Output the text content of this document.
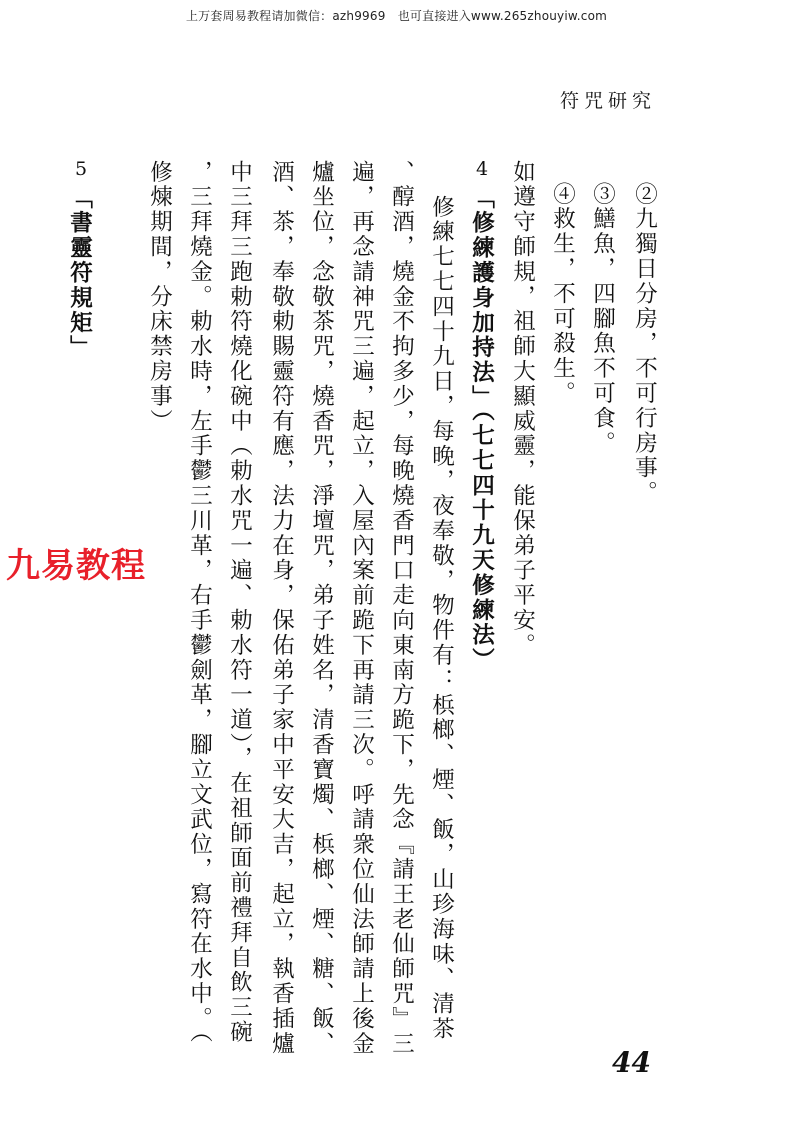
上万套周易教程请加微信：azh9969　也可直接进入www.265zhouyiw.com
符咒研究
②九獨日分房，不可行房事。
③鱔魚，四腳魚不可食。
④救生，不可殺生。
如遵守師規，祖師大顯威靈，能保弟子平安。
4
「修練護身加持法」（七七四十九天修練法）
修練七七四十九日，每晚，夜奉敬，物件有：梹榔、煙、飯，山珍海味、清茶
、醇酒，燒金不拘多少，每晚燒香門口走向東南方跪下，先念『請王老仙師咒』三
遍，再念請神咒三遍，起立，入屋內案前跪下再請三次。呼請衆位仙法師請上後金
爐坐位，念敬茶咒，燒香咒，淨壇咒，弟子姓名，清香寶燭、梹榔、煙、糖、飯、
酒、茶，奉敬勅賜靈符有應，法力在身，保佑弟子家中平安大吉，起立，執香插爐
中三拜三跑勅符燒化碗中（勅水咒一遍、勅水符一道），在祖師面前禮拜自飲三碗
，三拜燒金。勅水時，左手鬱三川革，右手鬱劍革，腳立文武位，寫符在水中。（
修煉期間，分床禁房事）
5
「書靈符規矩」
九易教程
44
